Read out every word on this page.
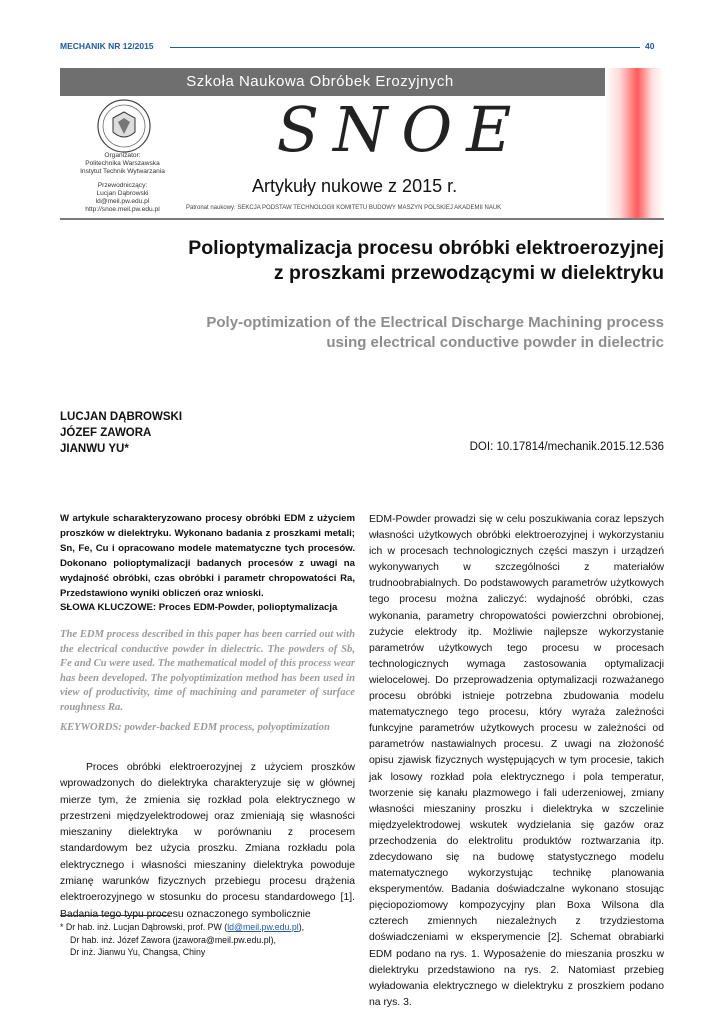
MECHANIK NR 12/2015	40
Szkoła Naukowa Obróbek Erozyjnych
SNOE
Organizator:
Politechnika Warszawska
Instytut Technik Wytwarzania
Przewodniczący:
Lucjan Dąbrowski
ld@meil.pw.edu.pl
http://snoe.meil.pw.edu.pl
Artykuły nukowe z 2015 r.
Patronat naukowy: SEKCJA PODSTAW TECHNOLOGII KOMITETU BUDOWY MASZYN POLSKIEJ AKADEMII NAUK
Polioptymalizacja procesu obróbki elektroerozyjnej
z proszkami przewodzącymi w dielektryku
Poly-optimization of the Electrical Discharge Machining process
using electrical conductive powder in dielectric
LUCJAN DĄBROWSKI
JÓZEF ZAWORA
JIANWU YU*	DOI: 10.17814/mechanik.2015.12.536
W artykule scharakteryzowano procesy obróbki EDM z użyciem proszków w dielektryku. Wykonano badania z proszkami metali; Sn, Fe, Cu i opracowano modele matematyczne tych procesów. Dokonano polioptymalizacji badanych procesów z uwagi na wydajność obróbki, czas obróbki i parametr chropowatości Ra, Przedstawiono wyniki obliczeń oraz wnioski.
SŁOWA KLUCZOWE: Proces EDM-Powder, polioptymalizacja
The EDM process described in this paper has been carried out with the electrical conductive powder in dielectric. The powders of Sb, Fe and Cu were used. The mathematical model of this process wear has been developed. The polyoptimization method has been used in view of productivity, time of machining and parameter of surface roughness Ra.
KEYWORDS: powder-backed EDM process, polyoptimization

Proces obróbki elektroerozyjnej z użyciem proszków wprowadzonych do dielektryka charakteryzuje się w głównej mierze tym, że zmienia się rozkład pola elektrycznego w przestrzeni międzyelektrodowej oraz zmieniają się własności mieszaniny dielektryka w porównaniu z procesem standardowym bez użycia proszku. Zmiana rozkładu pola elektrycznego i własności mieszaniny dielektryka powoduje zmianę warunków fizycznych przebiegu procesu drążenia elektroerozyjnego w stosunku do procesu standardowego [1]. Badania tego typu procesu oznaczonego symbolicznie

* Dr hab. inż. Lucjan Dąbrowski, prof. PW (ld@meil.pw.edu.pl),
Dr hab. inż. Józef Zawora (jzawora@meil.pw.edu.pl),
Dr inż. Jianwu Yu, Changsa, Chiny

EDM-Powder prowadzi się w celu poszukiwania coraz lepszych własności użytkowych obróbki elektroerozyjnej i wykorzystaniu ich w procesach technologicznych części maszyn i urządzeń wykonywanych w szczególności z materiałów trudnoobrabialnych. Do podstawowych parametrów użytkowych tego procesu można zaliczyć: wydajność obróbki, czas wykonania, parametry chropowatości powierzchni obrobionej, zużycie elektrody itp. Możliwie najlepsze wykorzystanie parametrów użytkowych tego procesu w procesach technologicznych wymaga zastosowania optymalizacji wielocelowej. Do przeprowadzenia optymalizacji rozważanego procesu obróbki istnieje potrzebna zbudowania modelu matematycznego tego procesu, który wyraża zależności funkcyjne parametrów użytkowych procesu w zależności od parametrów nastawialnych procesu. Z uwagi na złożoność opisu zjawisk fizycznych występujących w tym procesie, takich jak losowy rozkład pola elektrycznego i pola temperatur, tworzenie się kanału plazmowego i fali uderzeniowej, zmiany własności mieszaniny proszku i dielektryka w szczelinie międzyelektrodowej wskutek wydzielania się gazów oraz przechodzenia do elektrolitu produktów roztwarzania itp. zdecydowano się na budowę statystycznego modelu matematycznego wykorzystując technikę planowania eksperymentów. Badania doświadczalne wykonano stosując pięciopoziomowy kompozycyjny plan Boxa Wilsona dla czterech zmiennych niezależnych z trzydziestoma doświadczeniami w eksperymencie [2]. Schemat obrabiarki EDM podano na rys. 1. Wyposażenie do mieszania proszku w dielektryku przedstawiono na rys. 2. Natomiast przebieg wyładowania elektrycznego w dielektryku z proszkiem podano na rys. 3.
